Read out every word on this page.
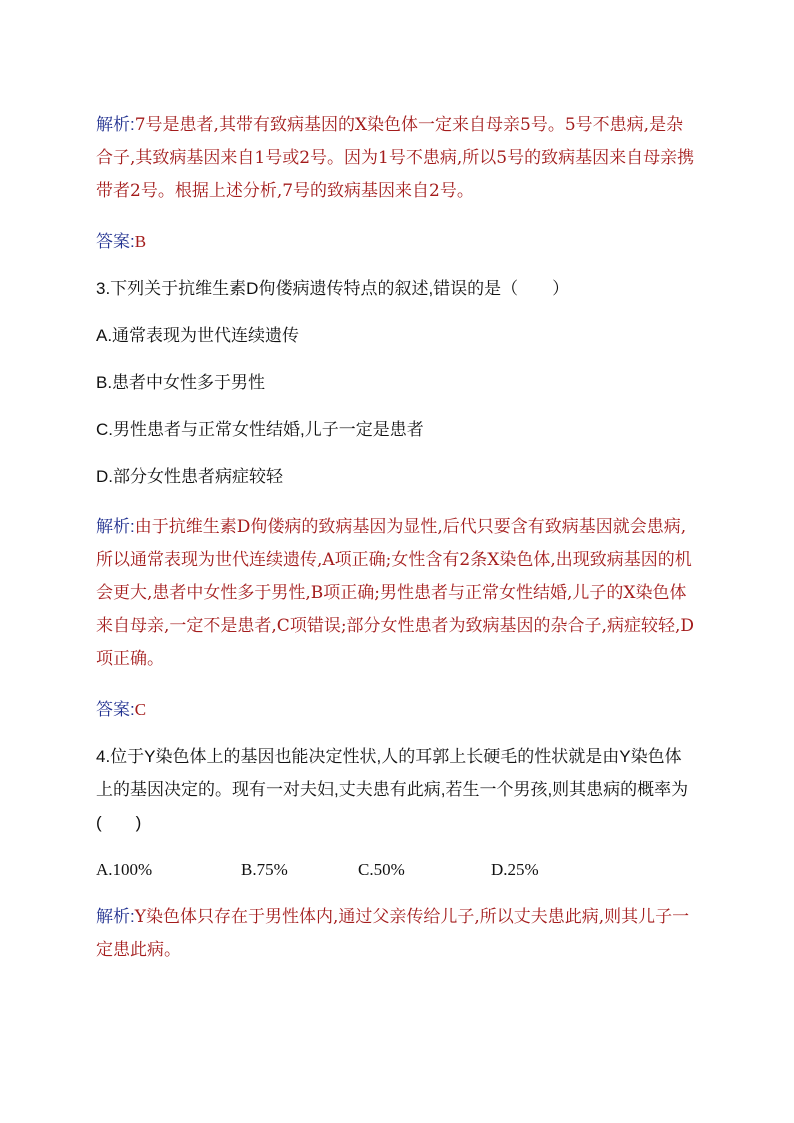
解析:7号是患者,其带有致病基因的X染色体一定来自母亲5号。5号不患病,是杂合子,其致病基因来自1号或2号。因为1号不患病,所以5号的致病基因来自母亲携带者2号。根据上述分析,7号的致病基因来自2号。

答案:B

3.下列关于抗维生素D佝偻病遗传特点的叙述,错误的是（　　）

A.通常表现为世代连续遗传

B.患者中女性多于男性

C.男性患者与正常女性结婚,儿子一定是患者

D.部分女性患者病症较轻

解析:由于抗维生素D佝偻病的致病基因为显性,后代只要含有致病基因就会患病,所以通常表现为世代连续遗传,A项正确;女性含有2条X染色体,出现致病基因的机会更大,患者中女性多于男性,B项正确;男性患者与正常女性结婚,儿子的X染色体来自母亲,一定不是患者,C项错误;部分女性患者为致病基因的杂合子,病症较轻,D项正确。

答案:C

4.位于Y染色体上的基因也能决定性状,人的耳郭上长硬毛的性状就是由Y染色体上的基因决定的。现有一对夫妇,丈夫患有此病,若生一个男孩,则其患病的概率为(　　)

A.100%	B.75%	C.50%	D.25%

解析:Y染色体只存在于男性体内,通过父亲传给儿子,所以丈夫患此病,则其儿子一定患此病。
